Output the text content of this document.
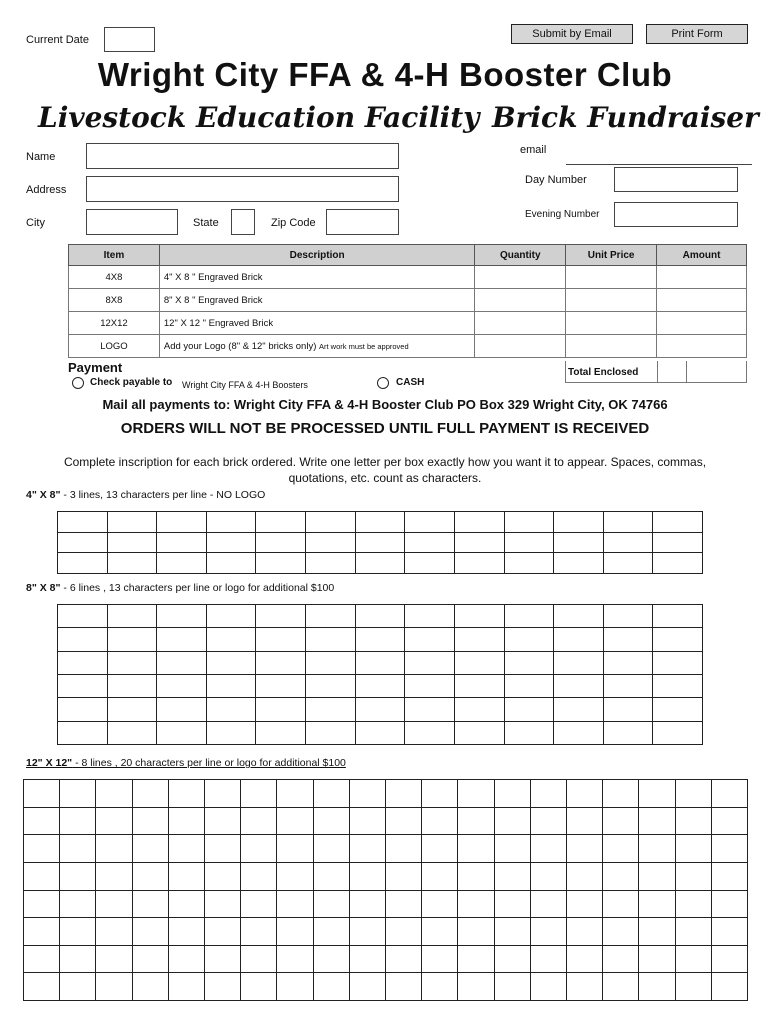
Current Date	Submit by Email	Print Form
Wright City FFA & 4-H Booster Club
Livestock Education Facility Brick Fundraiser
Name
Address
City	State	Zip Code
email
Day Number
Evening Number
Item	Description	Quantity	Unit Price	Amount
4X8	4" X 8 " Engraved Brick			
8X8	8" X 8 " Engraved Brick			
12X12	12" X 12 " Engraved Brick			
LOGO	Add your Logo (8" & 12" bricks only) Art work must be approved			
Total Enclosed
Payment
Check payable to Wright City FFA & 4-H Boosters	CASH
Mail all payments to: Wright City FFA & 4-H Booster Club PO Box 329 Wright City, OK 74766
ORDERS WILL NOT BE PROCESSED UNTIL FULL PAYMENT IS RECEIVED
Complete inscription for each brick ordered. Write one letter per box exactly how you want it to appear. Spaces, commas,
quotations, etc. count as characters.
4" X 8" - 3 lines, 13 characters per line - NO LOGO
8" X 8" - 6 lines , 13 characters per line or logo for additional $100
12" X 12" - 8 lines , 20 characters per line or logo for additional $100
